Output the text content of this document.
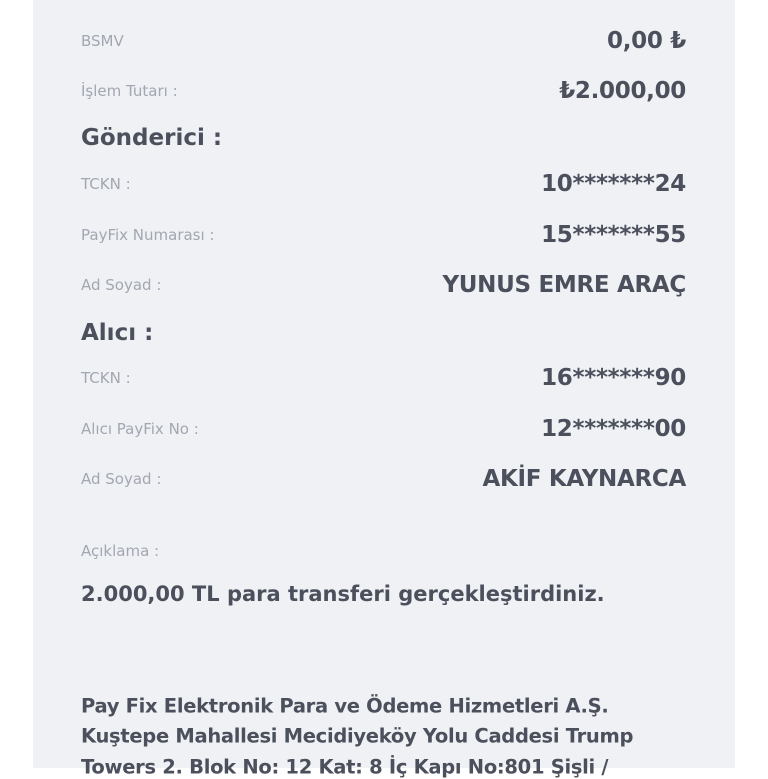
BSMV	0,00 ₺
İşlem Tutarı :	₺2.000,00
Gönderici :
TCKN :	10*******24
PayFix Numarası :	15*******55
Ad Soyad :	YUNUS EMRE ARAÇ
Alıcı :
TCKN :	16*******90
Alıcı PayFix No :	12*******00
Ad Soyad :	AKİF KAYNARCA
Açıklama :
2.000,00 TL para transferi gerçekleştirdiniz.
Pay Fix Elektronik Para ve Ödeme Hizmetleri A.Ş.
Kuştepe Mahallesi Mecidiyeköy Yolu Caddesi Trump
Towers 2. Blok No: 12 Kat: 8 İç Kapı No:801 Şişli /
